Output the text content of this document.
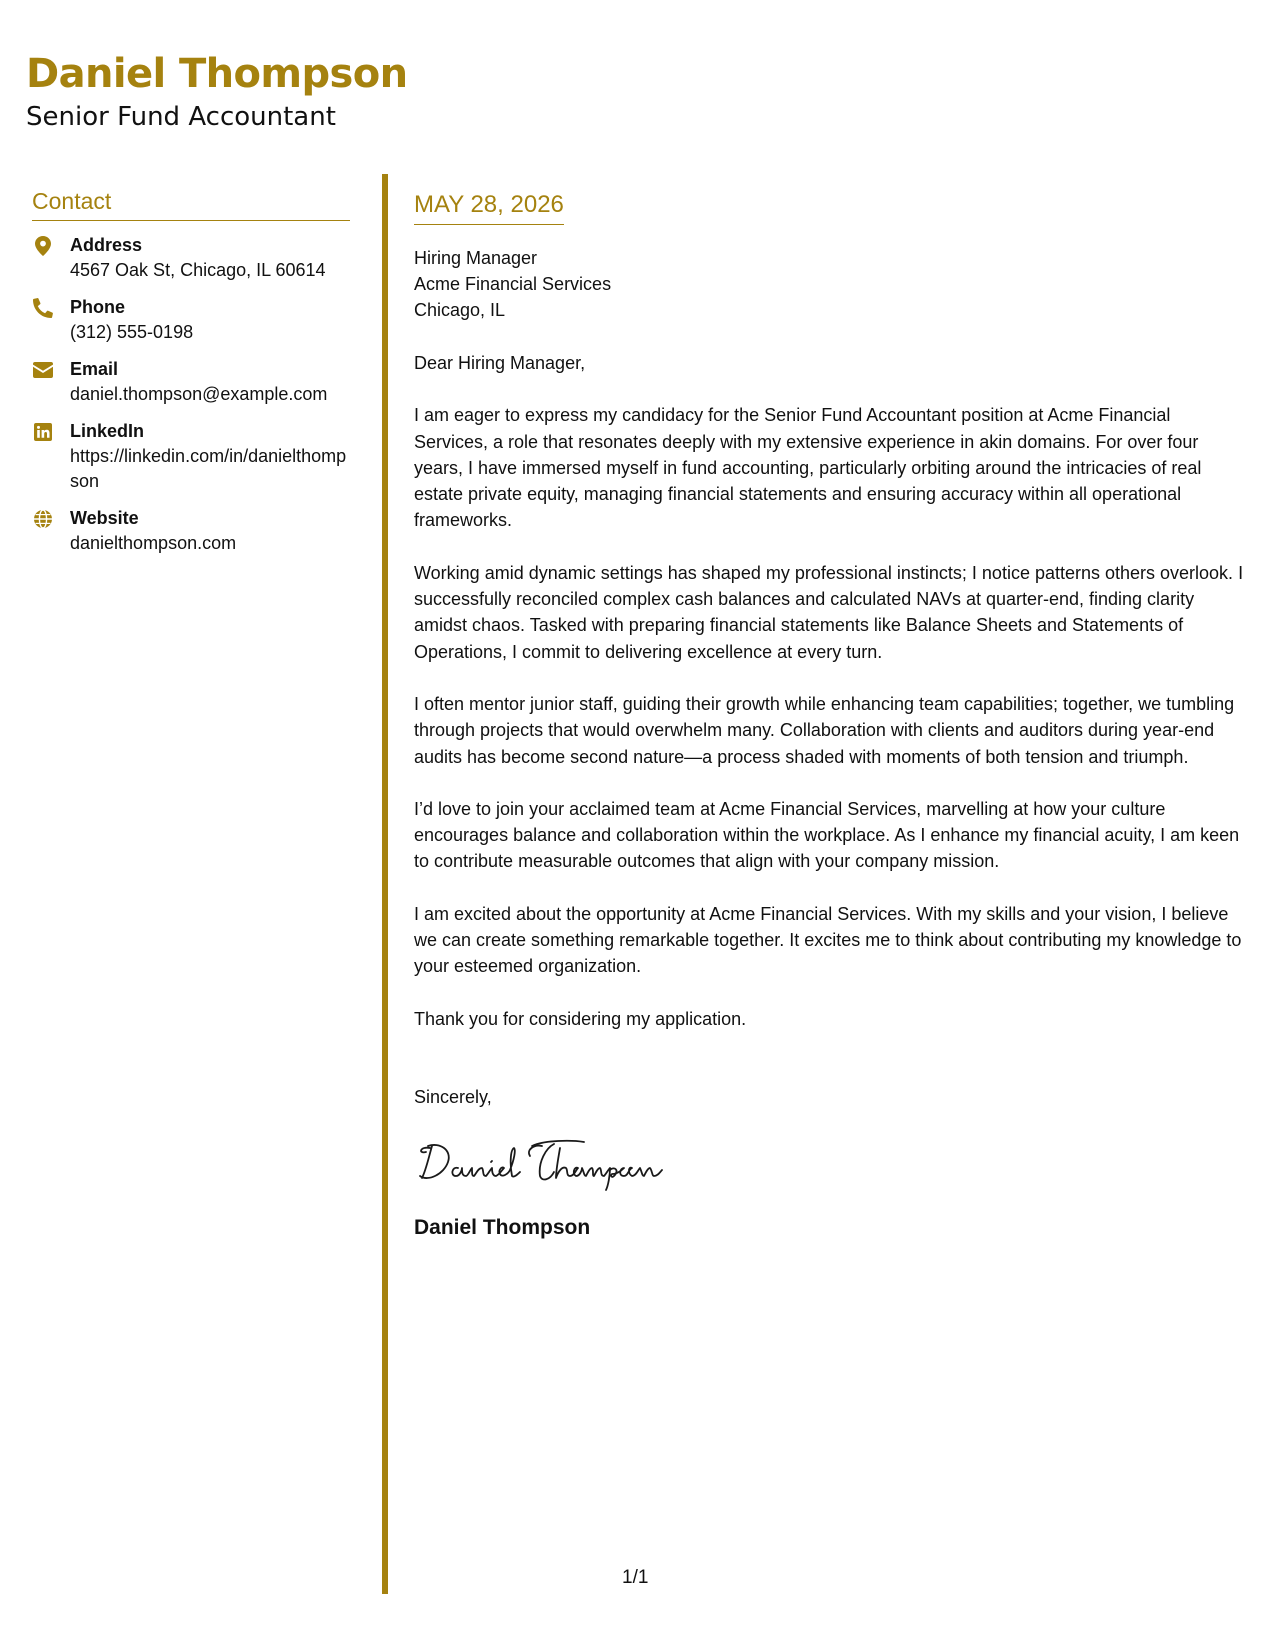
Daniel Thompson
Senior Fund Accountant
Contact
Address
4567 Oak St, Chicago, IL 60614
Phone
(312) 555-0198
Email
daniel.thompson@example.com
LinkedIn
https://linkedin.com/in/danielthompson
Website
danielthompson.com
MAY 28, 2026
Hiring Manager
Acme Financial Services
Chicago, IL
Dear Hiring Manager,

I am eager to express my candidacy for the Senior Fund Accountant position at Acme Financial Services, a role that resonates deeply with my extensive experience in akin domains. For over four years, I have immersed myself in fund accounting, particularly orbiting around the intricacies of real estate private equity, managing financial statements and ensuring accuracy within all operational frameworks.

Working amid dynamic settings has shaped my professional instincts; I notice patterns others overlook. I successfully reconciled complex cash balances and calculated NAVs at quarter-end, finding clarity amidst chaos. Tasked with preparing financial statements like Balance Sheets and Statements of Operations, I commit to delivering excellence at every turn.

I often mentor junior staff, guiding their growth while enhancing team capabilities; together, we tumbling through projects that would overwhelm many. Collaboration with clients and auditors during year-end audits has become second nature—a process shaded with moments of both tension and triumph.

I’d love to join your acclaimed team at Acme Financial Services, marvelling at how your culture encourages balance and collaboration within the workplace. As I enhance my financial acuity, I am keen to contribute measurable outcomes that align with your company mission.

I am excited about the opportunity at Acme Financial Services. With my skills and your vision, I believe we can create something remarkable together. It excites me to think about contributing my knowledge to your esteemed organization.

Thank you for considering my application.

Sincerely,
Daniel Thompson
1/1
